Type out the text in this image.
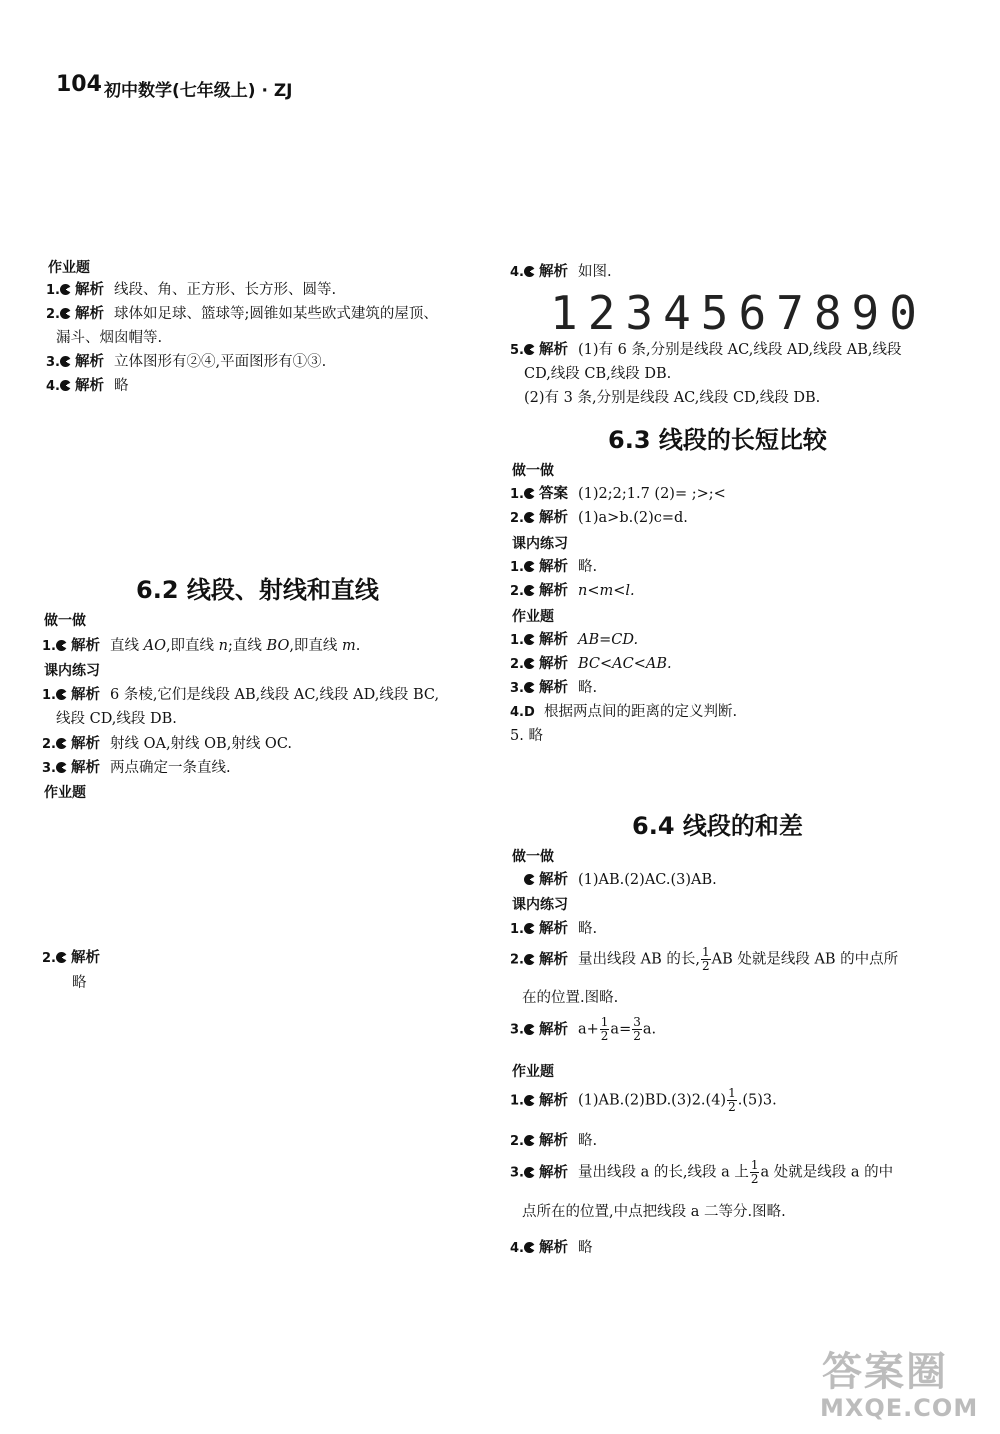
104 初中数学(七年级上) · ZJ
作业题
1. 解析 线段、角、正方形、长方形、圆等.
2. 解析 球体如足球、篮球等;圆锥如某些欧式建筑的屋顶、
漏斗、烟囱帽等.
3. 解析 立体图形有②④,平面图形有①③.
4. 解析 略
6.2 线段、射线和直线
做一做
1. 解析 直线 AO,即直线 n;直线 BO,即直线 m.
课内练习
1. 解析 6 条棱,它们是线段 AB,线段 AC,线段 AD,线段 BC,
线段 CD,线段 DB.
2. 解析 射线 OA,射线 OB,射线 OC.
3. 解析 两点确定一条直线.
作业题
2. 解析
略
4. 解析 如图.
1234567890
5. 解析 (1)有 6 条,分别是线段 AC,线段 AD,线段 AB,线段
CD,线段 CB,线段 DB.
(2)有 3 条,分别是线段 AC,线段 CD,线段 DB.
6.3 线段的长短比较
做一做
1. 答案 (1)2;2;1.7 (2)= ;>;<
2. 解析 (1)a>b.(2)c=d.
课内练习
1. 解析 略.
2. 解析 n<m<l.
作业题
1. 解析 AB=CD.
2. 解析 BC<AC<AB.
3. 解析 略.
4.D 根据两点间的距离的定义判断.
5. 略
6.4 线段的和差
做一做
解析 (1)AB.(2)AC.(3)AB.
课内练习
1. 解析 略.
2. 解析 量出线段 AB 的长, $\frac{1}{2}$ AB 处就是线段 AB 的中点所
在的位置.图略.
3. 解析 $a+ \frac{1}{2} a= \frac{3}{2} a$.
作业题
1. 解析 $(1)AB.(2)BD.(3)2.(4) \frac{1}{2} .(5)3$.
2. 解析 略.
3. 解析 量出线段 a 的长,线段 a 上 $\frac{1}{2}$ a 处就是线段 a 的中
点所在的位置,中点把线段 a 二等分.图略.
4. 解析 略
答案圈
MXQE.COM
